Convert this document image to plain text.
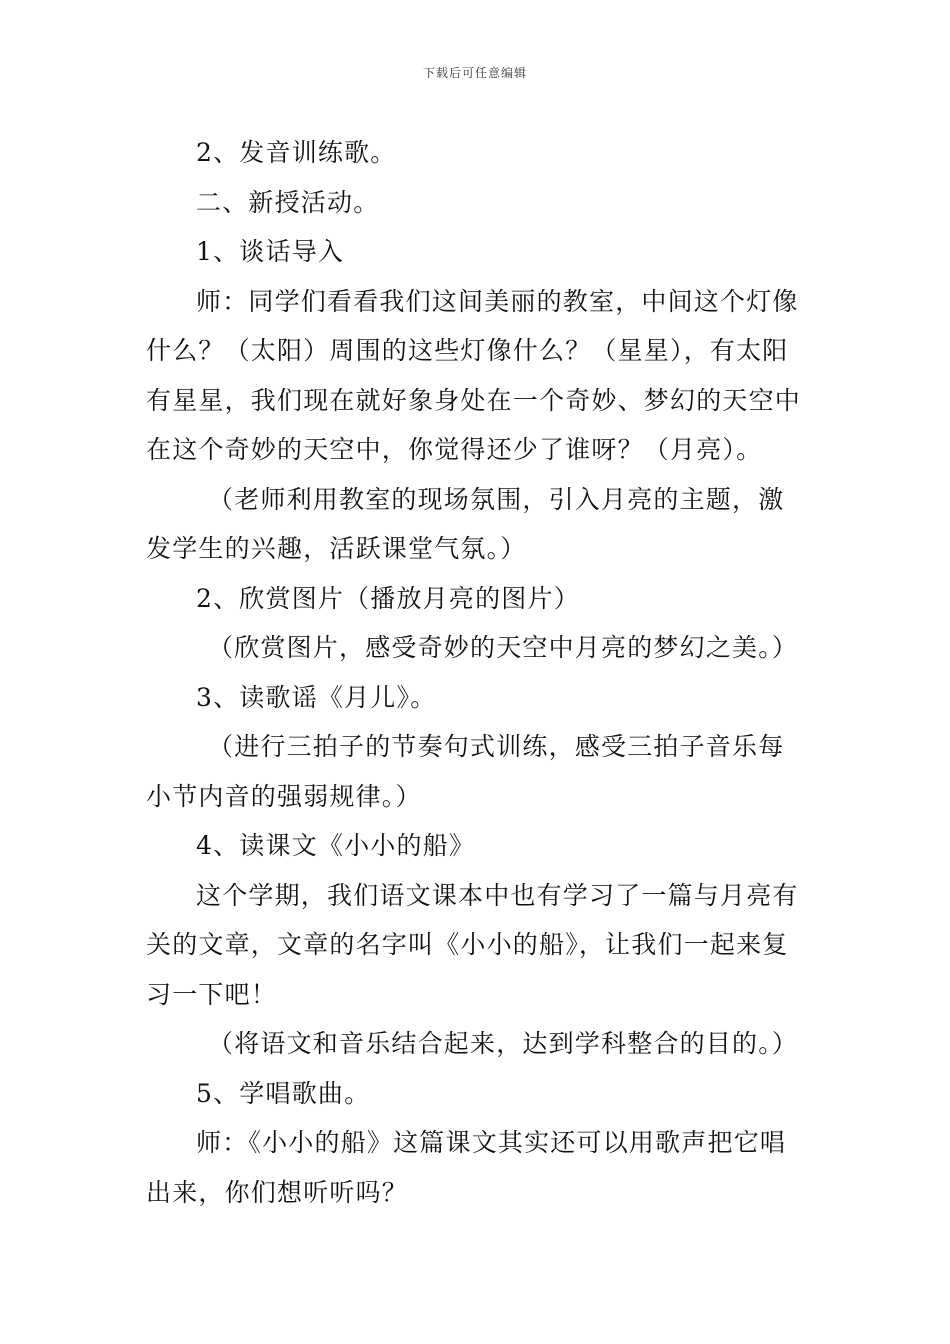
下载后可任意编辑

2、发音训练歌。

二、新授活动。

1、谈话导入

师：同学们看看我们这间美丽的教室，中间这个灯像什么？（太阳）周围的这些灯像什么？（星星），有太阳有星星，我们现在就好象身处在一个奇妙、梦幻的天空中在这个奇妙的天空中，你觉得还少了谁呀？（月亮）。

（老师利用教室的现场氛围，引入月亮的主题，激发学生的兴趣，活跃课堂气氛。）

2、欣赏图片（播放月亮的图片）

（欣赏图片，感受奇妙的天空中月亮的梦幻之美。）

3、读歌谣《月儿》。

（进行三拍子的节奏句式训练，感受三拍子音乐每小节内音的强弱规律。）

4、读课文《小小的船》

这个学期，我们语文课本中也有学习了一篇与月亮有关的文章，文章的名字叫《小小的船》，让我们一起来复习一下吧！

（将语文和音乐结合起来，达到学科整合的目的。）

5、学唱歌曲。

师：《小小的船》这篇课文其实还可以用歌声把它唱出来，你们想听听吗？
